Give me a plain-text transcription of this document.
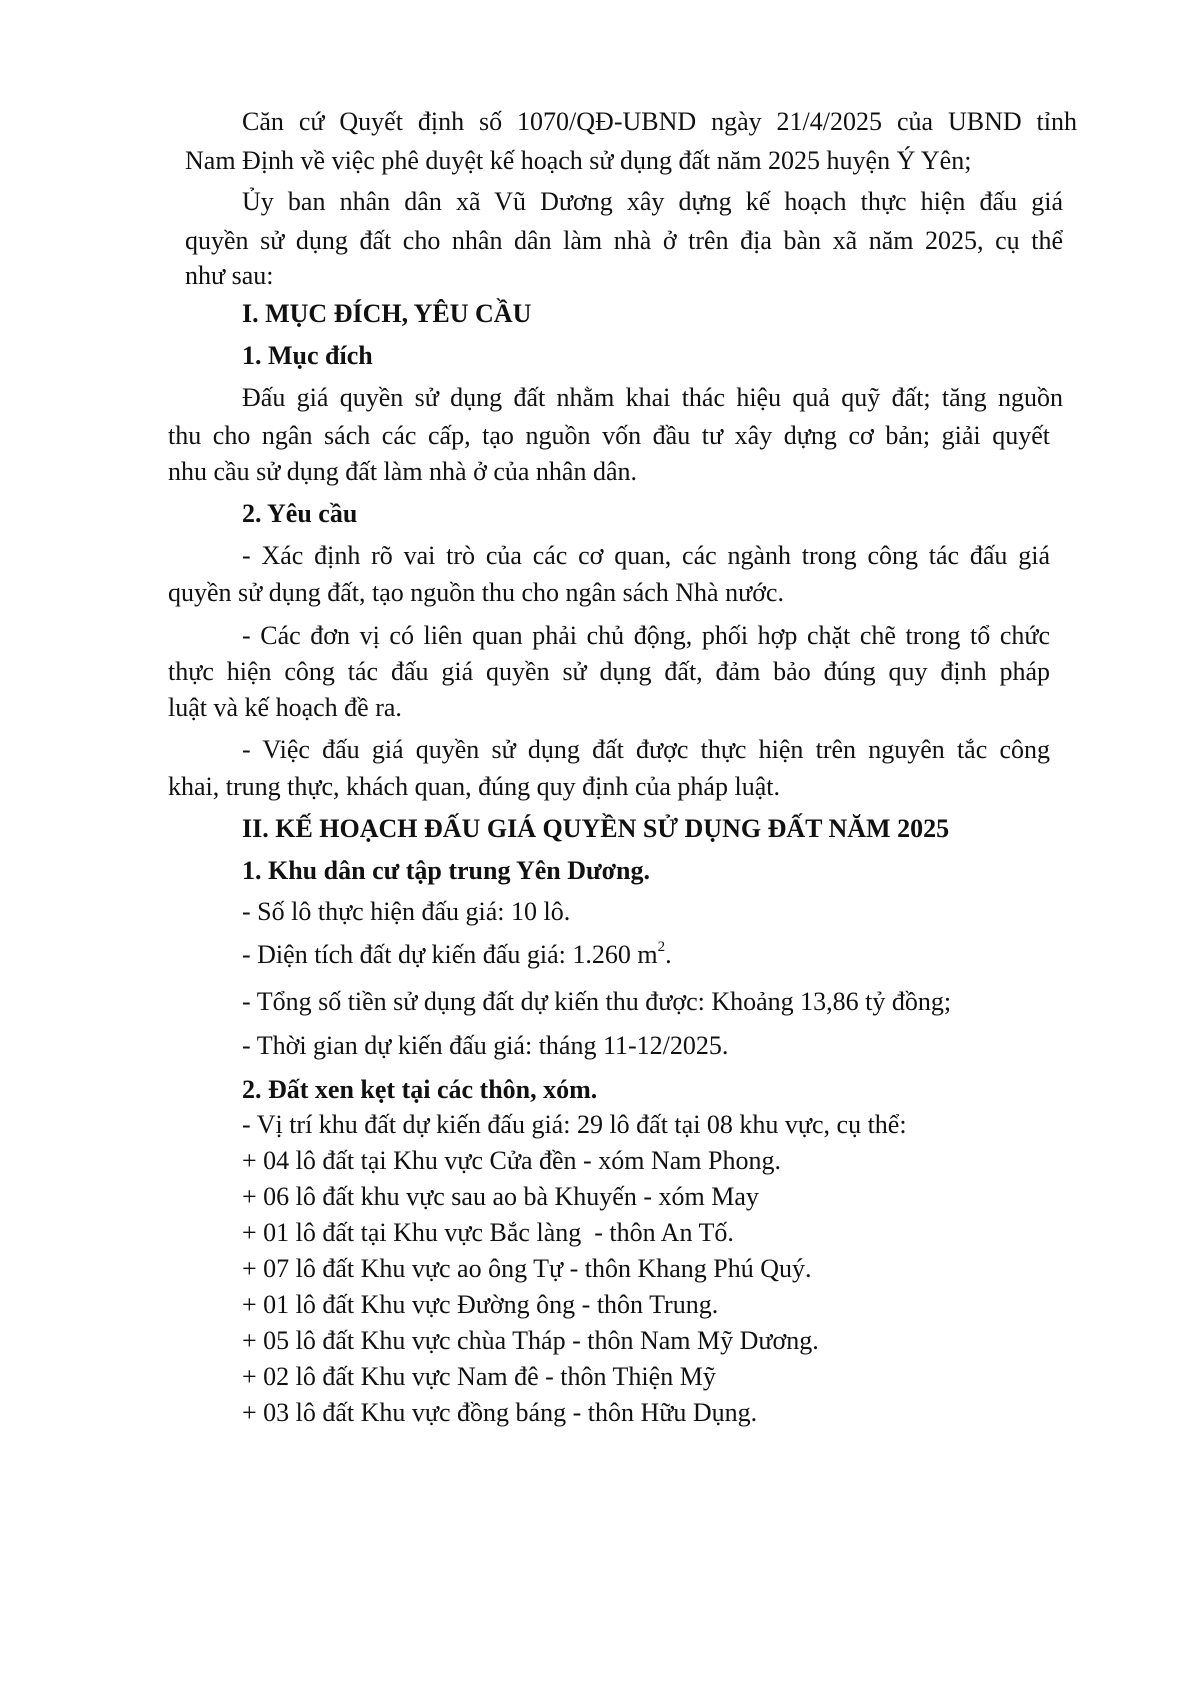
Căn cứ Quyết định số 1070/QĐ-UBND ngày 21/4/2025 của UBND tỉnh
Nam Định về việc phê duyệt kế hoạch sử dụng đất năm 2025 huyện Ý Yên;
Ủy ban nhân dân xã Vũ Dương xây dựng kế hoạch thực hiện đấu giá
quyền sử dụng đất cho nhân dân làm nhà ở trên địa bàn xã năm 2025, cụ thể
như sau:
I. MỤC ĐÍCH, YÊU CẦU
1. Mục đích
Đấu giá quyền sử dụng đất nhằm khai thác hiệu quả quỹ đất; tăng nguồn
thu cho ngân sách các cấp, tạo nguồn vốn đầu tư xây dựng cơ bản; giải quyết
nhu cầu sử dụng đất làm nhà ở của nhân dân.
2. Yêu cầu
- Xác định rõ vai trò của các cơ quan, các ngành trong công tác đấu giá
quyền sử dụng đất, tạo nguồn thu cho ngân sách Nhà nước.
- Các đơn vị có liên quan phải chủ động, phối hợp chặt chẽ trong tổ chức
thực hiện công tác đấu giá quyền sử dụng đất, đảm bảo đúng quy định pháp
luật và kế hoạch đề ra.
- Việc đấu giá quyền sử dụng đất được thực hiện trên nguyên tắc công
khai, trung thực, khách quan, đúng quy định của pháp luật.
II. KẾ HOẠCH ĐẤU GIÁ QUYỀN SỬ DỤNG ĐẤT NĂM 2025
1. Khu dân cư tập trung Yên Dương.
- Số lô thực hiện đấu giá: 10 lô.
- Diện tích đất dự kiến đấu giá: 1.260 $m^2$.
- Tổng số tiền sử dụng đất dự kiến thu được: Khoảng 13,86 tỷ đồng;
- Thời gian dự kiến đấu giá: tháng 11-12/2025.
2. Đất xen kẹt tại các thôn, xóm.
- Vị trí khu đất dự kiến đấu giá: 29 lô đất tại 08 khu vực, cụ thể:
+ 04 lô đất tại Khu vực Cửa đền - xóm Nam Phong.
+ 06 lô đất khu vực sau ao bà Khuyến - xóm May
+ 01 lô đất tại Khu vực Bắc làng  - thôn An Tố.
+ 07 lô đất Khu vực ao ông Tự - thôn Khang Phú Quý.
+ 01 lô đất Khu vực Đường ông - thôn Trung.
+ 05 lô đất Khu vực chùa Tháp - thôn Nam Mỹ Dương.
+ 02 lô đất Khu vực Nam đê - thôn Thiện Mỹ
+ 03 lô đất Khu vực đồng báng - thôn Hữu Dụng.
